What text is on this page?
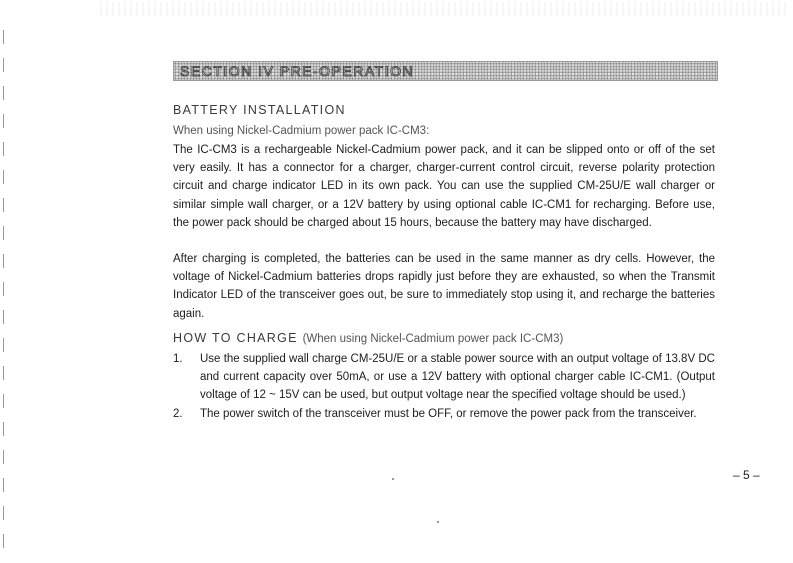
SECTION IV PRE-OPERATION
BATTERY INSTALLATION
When using Nickel-Cadmium power pack IC-CM3:

The IC-CM3 is a rechargeable Nickel-Cadmium power pack, and it can be slipped onto or off of the set very easily. It has a connector for a charger, charger-current control circuit, reverse polarity protection circuit and charge indicator LED in its own pack. You can use the supplied CM-25U/E wall charger or similar simple wall charger, or a 12V battery by using optional cable IC-CM1 for recharging. Before use, the power pack should be charged about 15 hours, because the battery may have discharged.

After charging is completed, the batteries can be used in the same manner as dry cells. However, the voltage of Nickel-Cadmium batteries drops rapidly just before they are exhausted, so when the Transmit Indicator LED of the transceiver goes out, be sure to immediately stop using it, and recharge the batteries again.

HOW TO CHARGE (When using Nickel-Cadmium power pack IC-CM3)
1.	Use the supplied wall charge CM-25U/E or a stable power source with an output voltage of 13.8V DC and current capacity over 50mA, or use a 12V battery with optional charger cable IC-CM1. (Output voltage of 12 ~ 15V can be used, but output voltage near the specified voltage should be used.)
2.	The power switch of the transceiver must be OFF, or remove the power pack from the transceiver.
– 5 –
